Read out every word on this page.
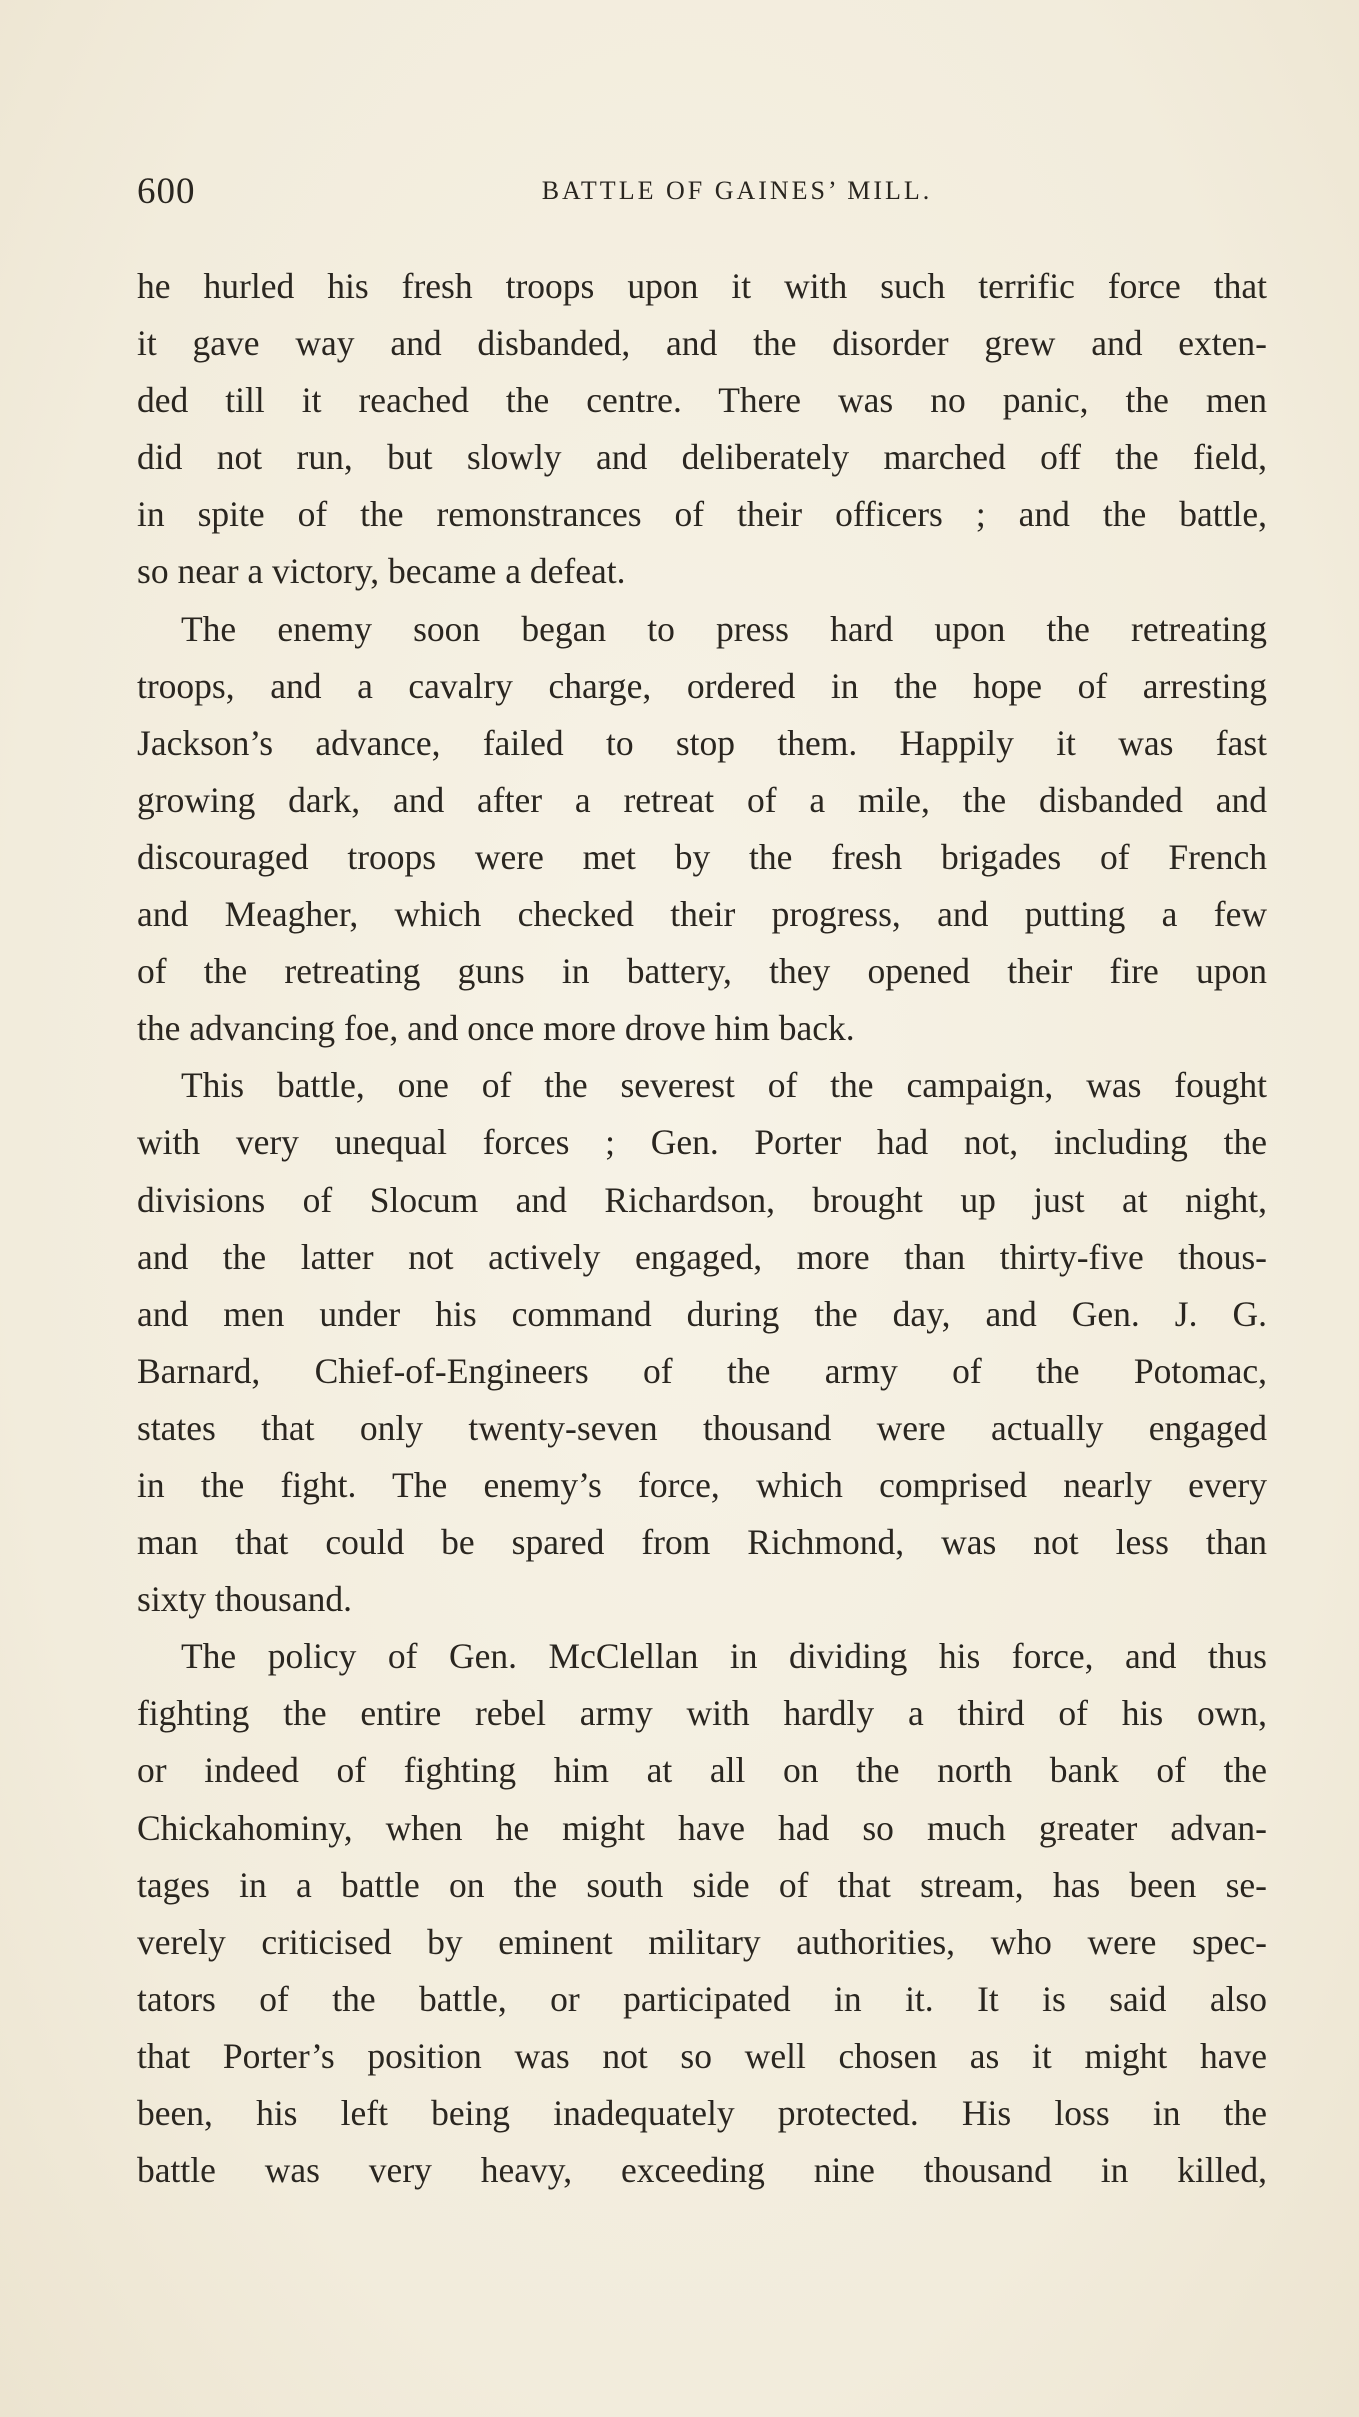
600	BATTLE OF GAINES’ MILL.
he hurled his fresh troops upon it with such terrific force that
it gave way and disbanded, and the disorder grew and exten-
ded till it reached the centre. There was no panic, the men
did not run, but slowly and deliberately marched off the field,
in spite of the remonstrances of their officers ; and the battle,
so near a victory, became a defeat.
The enemy soon began to press hard upon the retreating
troops, and a cavalry charge, ordered in the hope of arresting
Jackson’s advance, failed to stop them. Happily it was fast
growing dark, and after a retreat of a mile, the disbanded and
discouraged troops were met by the fresh brigades of French
and Meagher, which checked their progress, and putting a few
of the retreating guns in battery, they opened their fire upon
the advancing foe, and once more drove him back.
This battle, one of the severest of the campaign, was fought
with very unequal forces ; Gen. Porter had not, including the
divisions of Slocum and Richardson, brought up just at night,
and the latter not actively engaged, more than thirty-five thous-
and men under his command during the day, and Gen. J. G.
Barnard, Chief-of-Engineers of the army of the Potomac,
states that only twenty-seven thousand were actually engaged
in the fight. The enemy’s force, which comprised nearly every
man that could be spared from Richmond, was not less than
sixty thousand.
The policy of Gen. McClellan in dividing his force, and thus
fighting the entire rebel army with hardly a third of his own,
or indeed of fighting him at all on the north bank of the
Chickahominy, when he might have had so much greater advan-
tages in a battle on the south side of that stream, has been se-
verely criticised by eminent military authorities, who were spec-
tators of the battle, or participated in it. It is said also
that Porter’s position was not so well chosen as it might have
been, his left being inadequately protected. His loss in the
battle was very heavy, exceeding nine thousand in killed,
